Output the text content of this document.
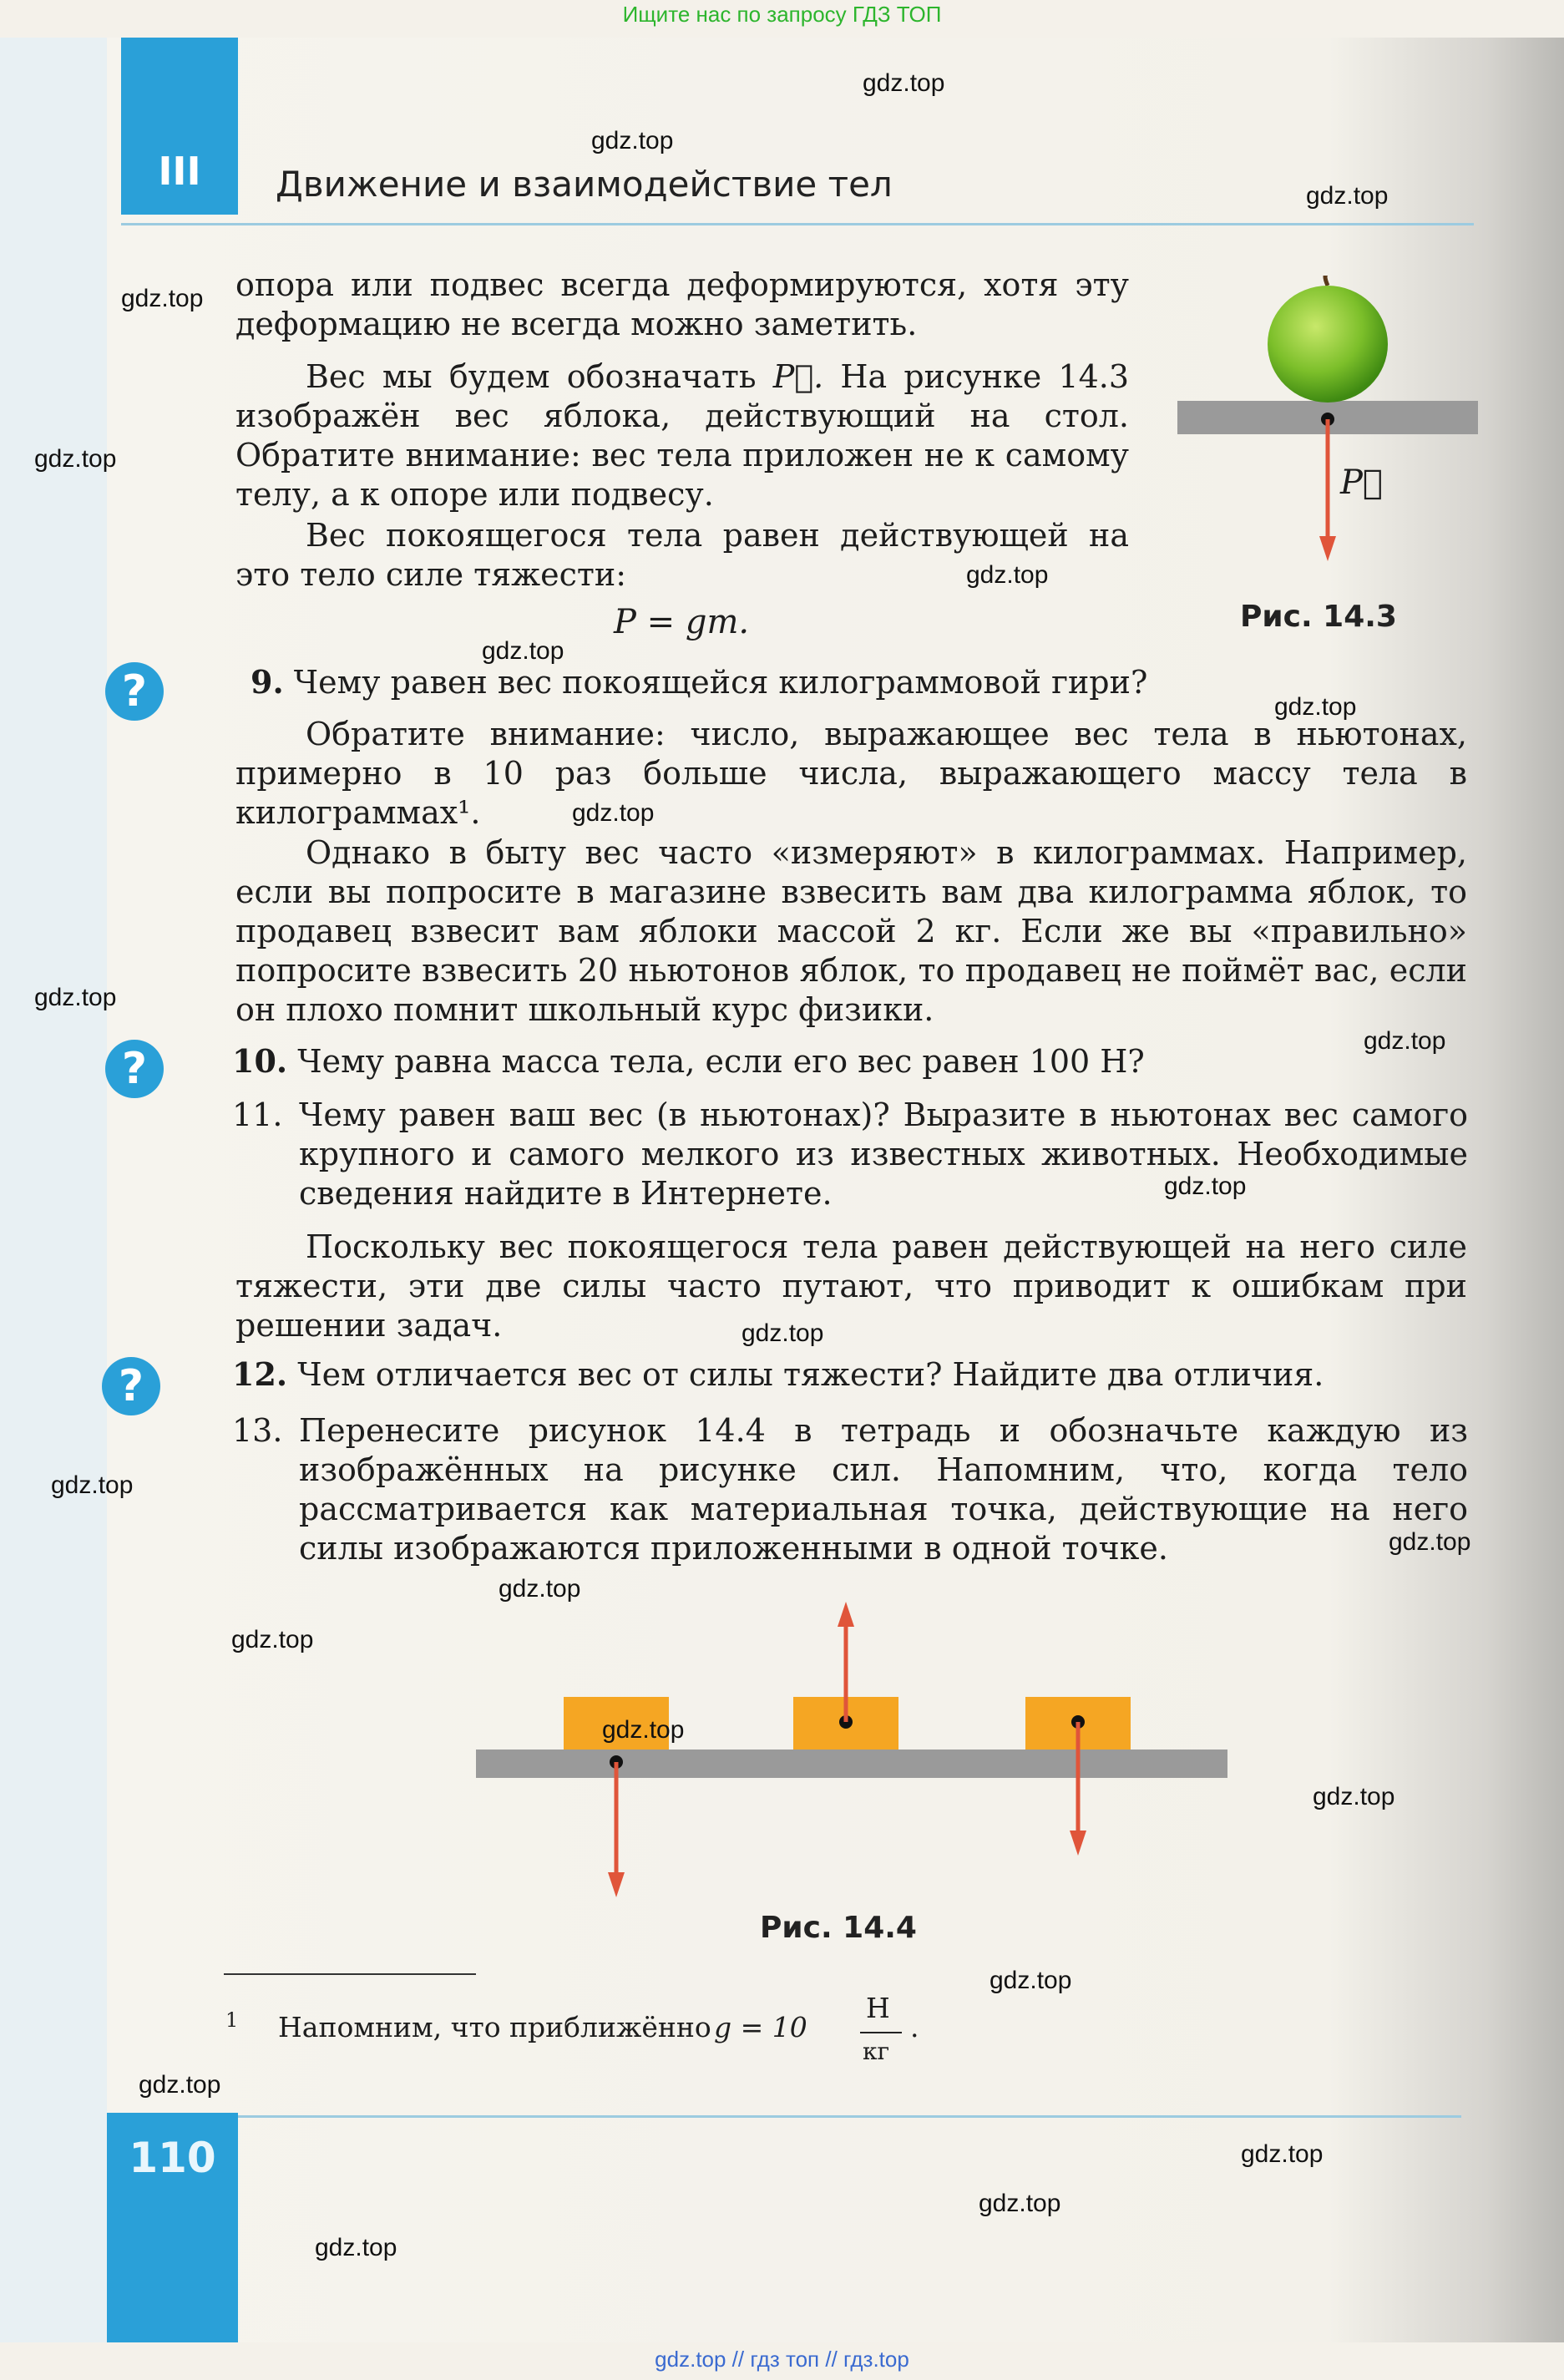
Ищите нас по запросу ГДЗ ТОП
III Движение и взаимодействие тел
опора или подвес всегда деформируются, хотя эту деформацию не всегда можно заметить.
Вес мы будем обозначать P⃗. На рисунке 14.3 изображён вес яблока, действующий на стол. Обратите внимание: вес тела приложен не к самому телу, а к опоре или подвесу.
Вес покоящегося тела равен действующей на это тело силе тяжести:
P = gm.
P⃗
Рис. 14.3
?	9. Чему равен вес покоящейся килограммовой гири?
Обратите внимание: число, выражающее вес тела в ньютонах, примерно в 10 раз больше числа, выражающего массу тела в килограммах¹.
Однако в быту вес часто «измеряют» в килограммах. Например, если вы попросите в магазине взвесить вам два килограмма яблок, то продавец взвесит вам яблоки массой 2 кг. Если же вы «правильно» попросите взвесить 20 ньютонов яблок, то продавец не поймёт вас, если он плохо помнит школьный курс физики.
?	10. Чему равна масса тела, если его вес равен 100 Н?
11. Чему равен ваш вес (в ньютонах)? Выразите в ньютонах вес самого крупного и самого мелкого из известных животных. Необходимые сведения найдите в Интернете.
Поскольку вес покоящегося тела равен действующей на него силе тяжести, эти две силы часто путают, что приводит к ошибкам при решении задач.
?	12. Чем отличается вес от силы тяжести? Найдите два отличия.
13. Перенесите рисунок 14.4 в тетрадь и обозначьте каждую из изображённых на рисунке сил. Напомним, что, когда тело рассматривается как материальная точка, действующие на него силы изображаются приложенными в одной точке.
Рис. 14.4
1 Напомним, что приближённо g = 10
Н
кг
.
110
gdz.top
gdz.top
gdz.top
gdz.top
gdz.top
gdz.top
gdz.top
gdz.top
gdz.top
gdz.top
gdz.top
gdz.top
gdz.top
gdz.top
gdz.top
gdz.top
gdz.top
gdz.top
gdz.top
gdz.top
gdz.top
gdz.top
gdz.top
gdz.top
gdz.top // гдз топ // гдз.top
